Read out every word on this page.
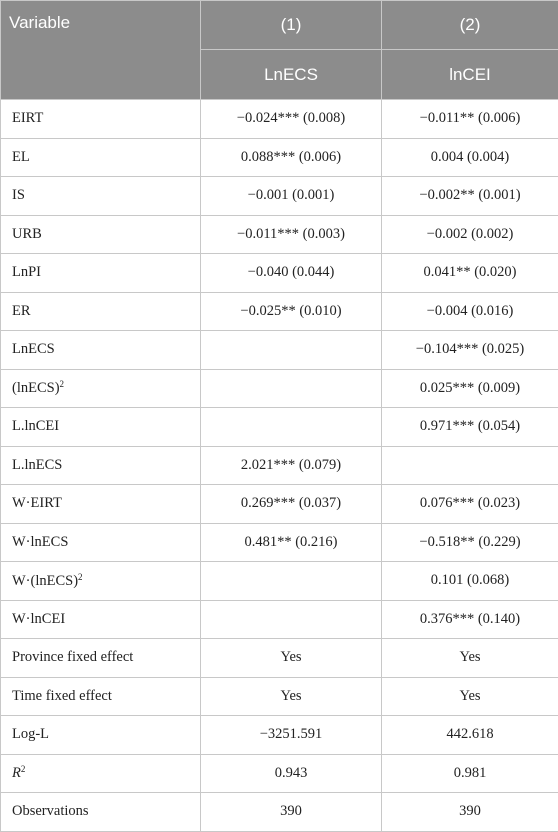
Variable	(1)	(2)
	LnECS	lnCEI
EIRT	−0.024*** (0.008)	−0.011** (0.006)
EL	0.088*** (0.006)	0.004 (0.004)
IS	−0.001 (0.001)	−0.002** (0.001)
URB	−0.011*** (0.003)	−0.002 (0.002)
LnPI	−0.040 (0.044)	0.041** (0.020)
ER	−0.025** (0.010)	−0.004 (0.016)
LnECS		−0.104*** (0.025)
(lnECS)$^2$		0.025*** (0.009)
L.lnCEI		0.971*** (0.054)
L.lnECS	2.021*** (0.079)	
W·EIRT	0.269*** (0.037)	0.076*** (0.023)
W·lnECS	0.481** (0.216)	−0.518** (0.229)
W·(lnECS)$^2$		0.101 (0.068)
W·lnCEI		0.376*** (0.140)
Province fixed effect	Yes	Yes
Time fixed effect	Yes	Yes
Log-L	−3251.591	442.618
$R^2$	0.943	0.981
Observations	390	390
